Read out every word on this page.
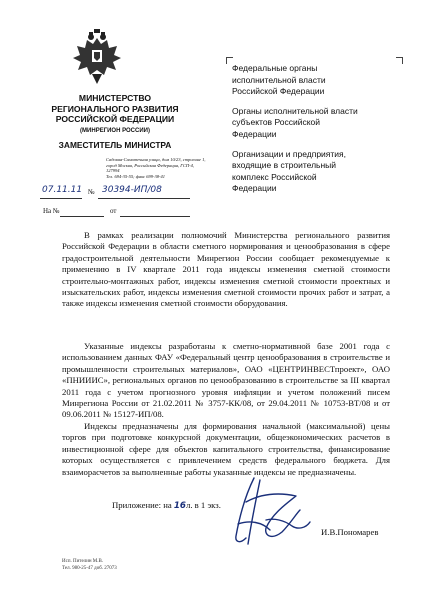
МИНИСТЕРСТВО
РЕГИОНАЛЬНОГО РАЗВИТИЯ
РОССИЙСКОЙ ФЕДЕРАЦИИ
(МИНРЕГИОН РОССИИ)
ЗАМЕСТИТЕЛЬ МИНИСТРА
Садовая-Самотечная улица, дом 10/23, строение 1,
город Москва, Российская Федерация, ГСП-4, 127994
Тел. 694-35-55; факс 699-38-41
07.11.11 № 30394-ИП/08
На №	от
Федеральные органы
исполнительной власти
Российской Федерации
Органы исполнительной власти
субъектов Российской
Федерации
Организации и предприятия,
входящие в строительный
комплекс Российской
Федерации

В рамках реализации полномочий Министерства регионального развития Российской Федерации в области сметного нормирования и ценообразования в сфере градостроительной деятельности Минрегион России сообщает рекомендуемые к применению в IV квартале 2011 года индексы изменения сметной стоимости строительно-монтажных работ, индексы изменения сметной стоимости проектных и изыскательских работ, индексы изменения сметной стоимости прочих работ и затрат, а также индексы изменения сметной стоимости оборудования.

Указанные индексы разработаны к сметно-нормативной базе 2001 года с использованием данных ФАУ «Федеральный центр ценообразования в строительстве и промышленности строительных материалов», ОАО «ЦЕНТРИНВЕСТпроект», ОАО «ПНИИИС», региональных органов по ценообразованию в строительстве за III квартал 2011 года с учетом прогнозного уровня инфляции и учетом положений писем Минрегиона России от 21.02.2011 № 3757-КК/08, от 29.04.2011 № 10753-ВТ/08 и от 09.06.2011 № 15127-ИП/08.

Индексы предназначены для формирования начальной (максимальной) цены торгов при подготовке конкурсной документации, общеэкономических расчетов в инвестиционной сфере для объектов капитального строительства, финансирование которых осуществляется с привлечением средств федерального бюджета. Для взаиморасчетов за выполненные работы указанные индексы не предназначены.

Приложение: на 16л. в 1 экз.
И.В.Пономарев
Исп. Пителин М.В.
Тел. 980-25-47 доб. 27073
